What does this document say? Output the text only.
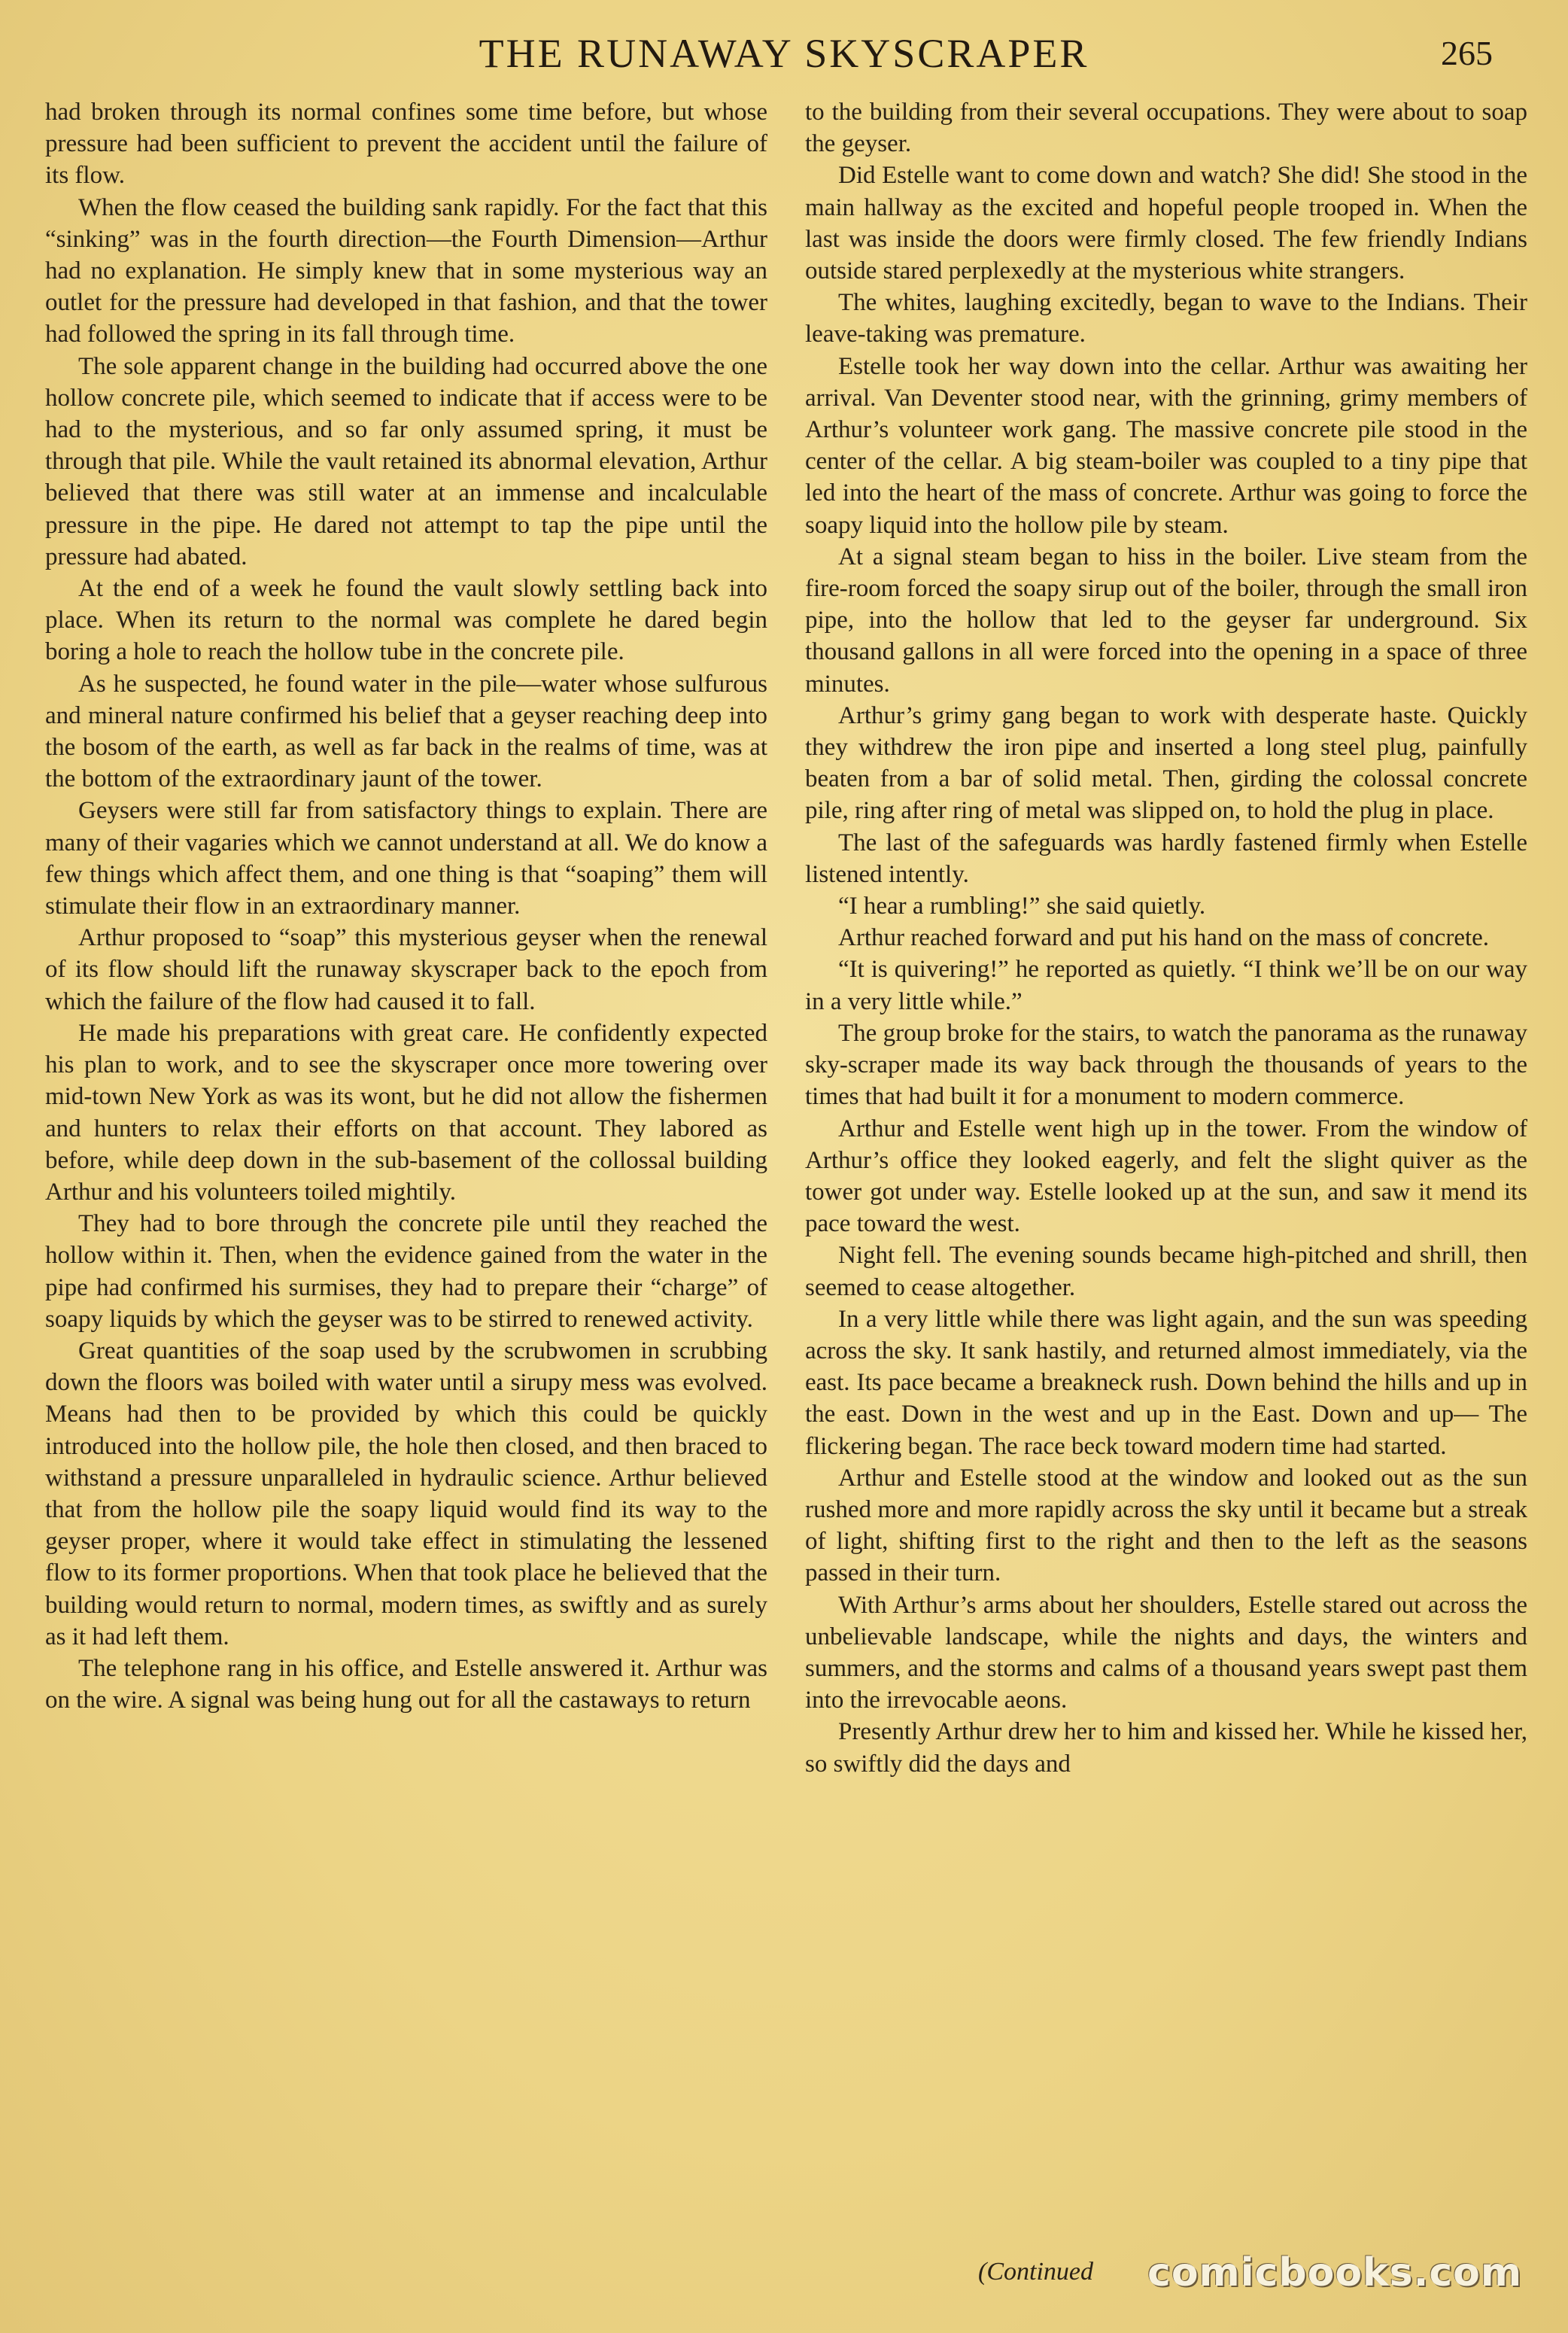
THE RUNAWAY SKYSCRAPER	265

had broken through its normal confines some time before, but whose pressure had been sufficient to prevent the accident until the failure of its flow.

When the flow ceased the building sank rapidly. For the fact that this “sinking” was in the fourth direction—the Fourth Dimension—Arthur had no explanation. He simply knew that in some mysterious way an outlet for the pressure had developed in that fashion, and that the tower had followed the spring in its fall through time.

The sole apparent change in the building had occurred above the one hollow concrete pile, which seemed to indicate that if access were to be had to the mysterious, and so far only assumed spring, it must be through that pile. While the vault retained its abnormal elevation, Arthur believed that there was still water at an immense and incalculable pressure in the pipe. He dared not attempt to tap the pipe until the pressure had abated.

At the end of a week he found the vault slowly settling back into place. When its return to the normal was complete he dared begin boring a hole to reach the hollow tube in the concrete pile.

As he suspected, he found water in the pile—water whose sulfurous and mineral nature confirmed his belief that a geyser reaching deep into the bosom of the earth, as well as far back in the realms of time, was at the bottom of the extraordinary jaunt of the tower.

Geysers were still far from satisfactory things to explain. There are many of their vagaries which we cannot understand at all. We do know a few things which affect them, and one thing is that “soaping” them will stimulate their flow in an extraordinary manner.

Arthur proposed to “soap” this mysterious geyser when the renewal of its flow should lift the runaway skyscraper back to the epoch from which the failure of the flow had caused it to fall.

He made his preparations with great care. He confidently expected his plan to work, and to see the skyscraper once more towering over mid-town New York as was its wont, but he did not allow the fishermen and hunters to relax their efforts on that account. They labored as before, while deep down in the sub-basement of the collossal building Arthur and his volunteers toiled mightily.

They had to bore through the concrete pile until they reached the hollow within it. Then, when the evidence gained from the water in the pipe had confirmed his surmises, they had to prepare their “charge” of soapy liquids by which the geyser was to be stirred to renewed activity.

Great quantities of the soap used by the scrubwomen in scrubbing down the floors was boiled with water until a sirupy mess was evolved. Means had then to be provided by which this could be quickly introduced into the hollow pile, the hole then closed, and then braced to withstand a pressure unparalleled in hydraulic science. Arthur believed that from the hollow pile the soapy liquid would find its way to the geyser proper, where it would take effect in stimulating the lessened flow to its former proportions. When that took place he believed that the building would return to normal, modern times, as swiftly and as surely as it had left them.

The telephone rang in his office, and Estelle answered it. Arthur was on the wire. A signal was being hung out for all the castaways to return

to the building from their several occupations. They were about to soap the geyser.

Did Estelle want to come down and watch? She did! She stood in the main hallway as the excited and hopeful people trooped in. When the last was inside the doors were firmly closed. The few friendly Indians outside stared perplexedly at the mysterious white strangers.

The whites, laughing excitedly, began to wave to the Indians. Their leave-taking was premature.

Estelle took her way down into the cellar. Arthur was awaiting her arrival. Van Deventer stood near, with the grinning, grimy members of Arthur’s volunteer work gang. The massive concrete pile stood in the center of the cellar. A big steam-boiler was coupled to a tiny pipe that led into the heart of the mass of concrete. Arthur was going to force the soapy liquid into the hollow pile by steam.

At a signal steam began to hiss in the boiler. Live steam from the fire-room forced the soapy sirup out of the boiler, through the small iron pipe, into the hollow that led to the geyser far underground. Six thousand gallons in all were forced into the opening in a space of three minutes.

Arthur’s grimy gang began to work with desperate haste. Quickly they withdrew the iron pipe and inserted a long steel plug, painfully beaten from a bar of solid metal. Then, girding the colossal concrete pile, ring after ring of metal was slipped on, to hold the plug in place.

The last of the safeguards was hardly fastened firmly when Estelle listened intently.

“I hear a rumbling!” she said quietly.

Arthur reached forward and put his hand on the mass of concrete.

“It is quivering!” he reported as quietly. “I think we’ll be on our way in a very little while.”

The group broke for the stairs, to watch the panorama as the runaway sky-scraper made its way back through the thousands of years to the times that had built it for a monument to modern commerce.

Arthur and Estelle went high up in the tower. From the window of Arthur’s office they looked eagerly, and felt the slight quiver as the tower got under way. Estelle looked up at the sun, and saw it mend its pace toward the west.

Night fell. The evening sounds became high-pitched and shrill, then seemed to cease altogether.

In a very little while there was light again, and the sun was speeding across the sky. It sank hastily, and returned almost immediately, via the east. Its pace became a breakneck rush. Down behind the hills and up in the east. Down in the west and up in the East. Down and up— The flickering began. The race beck toward modern time had started.

Arthur and Estelle stood at the window and looked out as the sun rushed more and more rapidly across the sky until it became but a streak of light, shifting first to the right and then to the left as the seasons passed in their turn.

With Arthur’s arms about her shoulders, Estelle stared out across the unbelievable landscape, while the nights and days, the winters and summers, and the storms and calms of a thousand years swept past them into the irrevocable aeons.

Presently Arthur drew her to him and kissed her. While he kissed her, so swiftly did the days and

(Continued comicbooks.com
